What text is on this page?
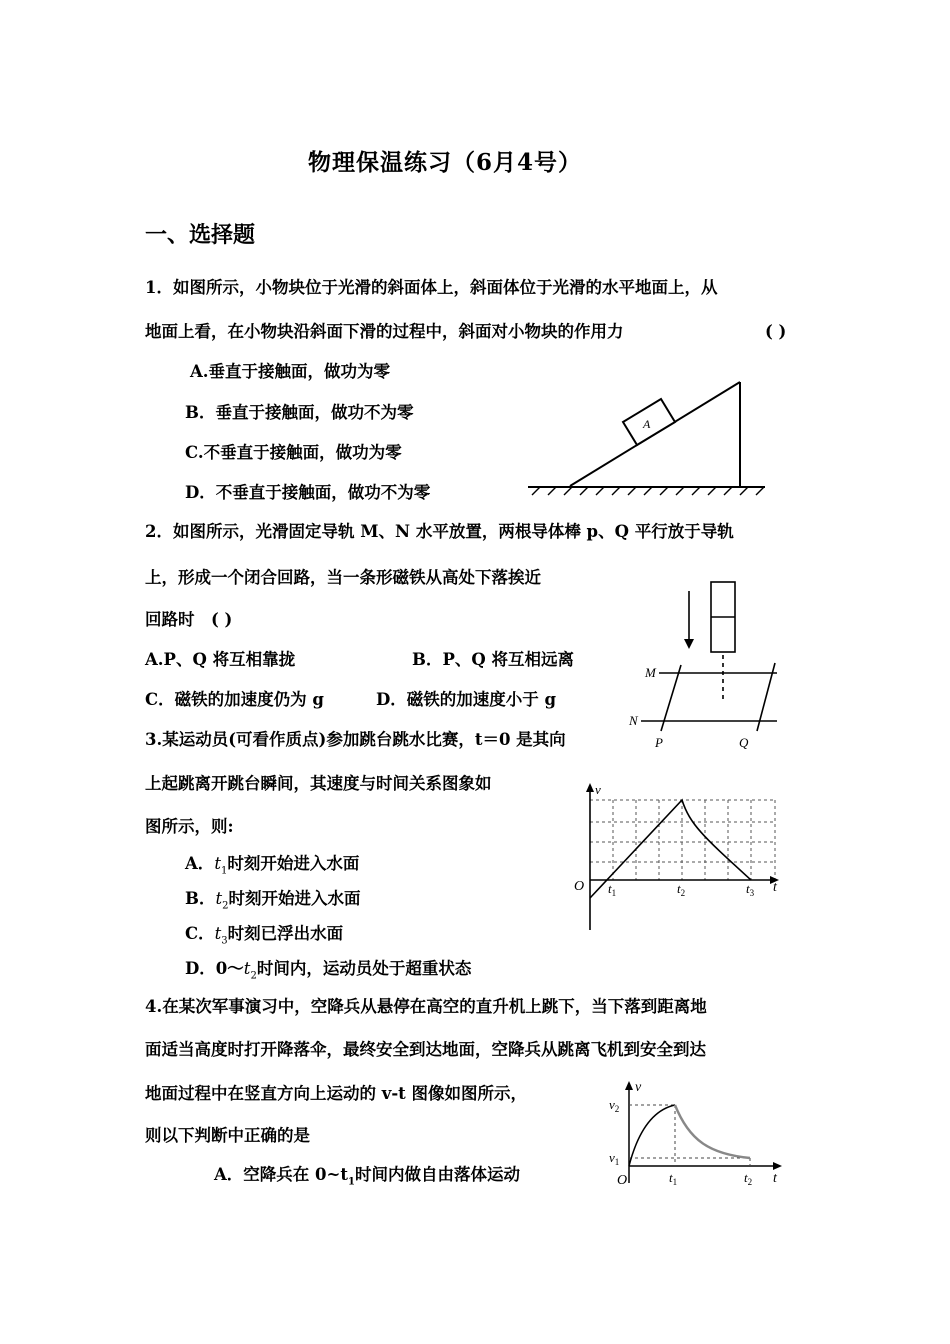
物理保温练习（6月4号）
一、选择题
1．如图所示，小物块位于光滑的斜面体上，斜面体位于光滑的水平地面上，从
地面上看，在小物块沿斜面下滑的过程中，斜面对小物块的作用力	( )
A.垂直于接触面，做功为零
B．垂直于接触面，做功不为零
C.不垂直于接触面，做功为零
D．不垂直于接触面，做功不为零
A
2．如图所示，光滑固定导轨 M、N 水平放置，两根导体棒 p、Q 平行放于导轨
上，形成一个闭合回路，当一条形磁铁从高处下落挨近
回路时　( )
A.P、Q 将互相靠拢	B．P、Q 将互相远离
C．磁铁的加速度仍为 g	D．磁铁的加速度小于 g
M
N
P	Q
3.某运动员(可看作质点)参加跳台跳水比赛，t＝0 是其向
上起跳离开跳台瞬间，其速度与时间关系图象如
图所示，则:
A．$t_1$时刻开始进入水面
B．$t_2$时刻开始进入水面
C．$t_3$时刻已浮出水面
D．$0\sim t_2$时间内，运动员处于超重状态
v
t
O $t_1$	$t_2$	$t_3$
4.在某次军事演习中，空降兵从悬停在高空的直升机上跳下，当下落到距离地
面适当高度时打开降落伞，最终安全到达地面，空降兵从跳离飞机到安全到达
地面过程中在竖直方向上运动的 v-t 图像如图所示，
则以下判断中正确的是
A．空降兵在 $0\sim t_1$时间内做自由落体运动
v
t
O
$v_2$
$v_1$
$t_1$	$t_2$
